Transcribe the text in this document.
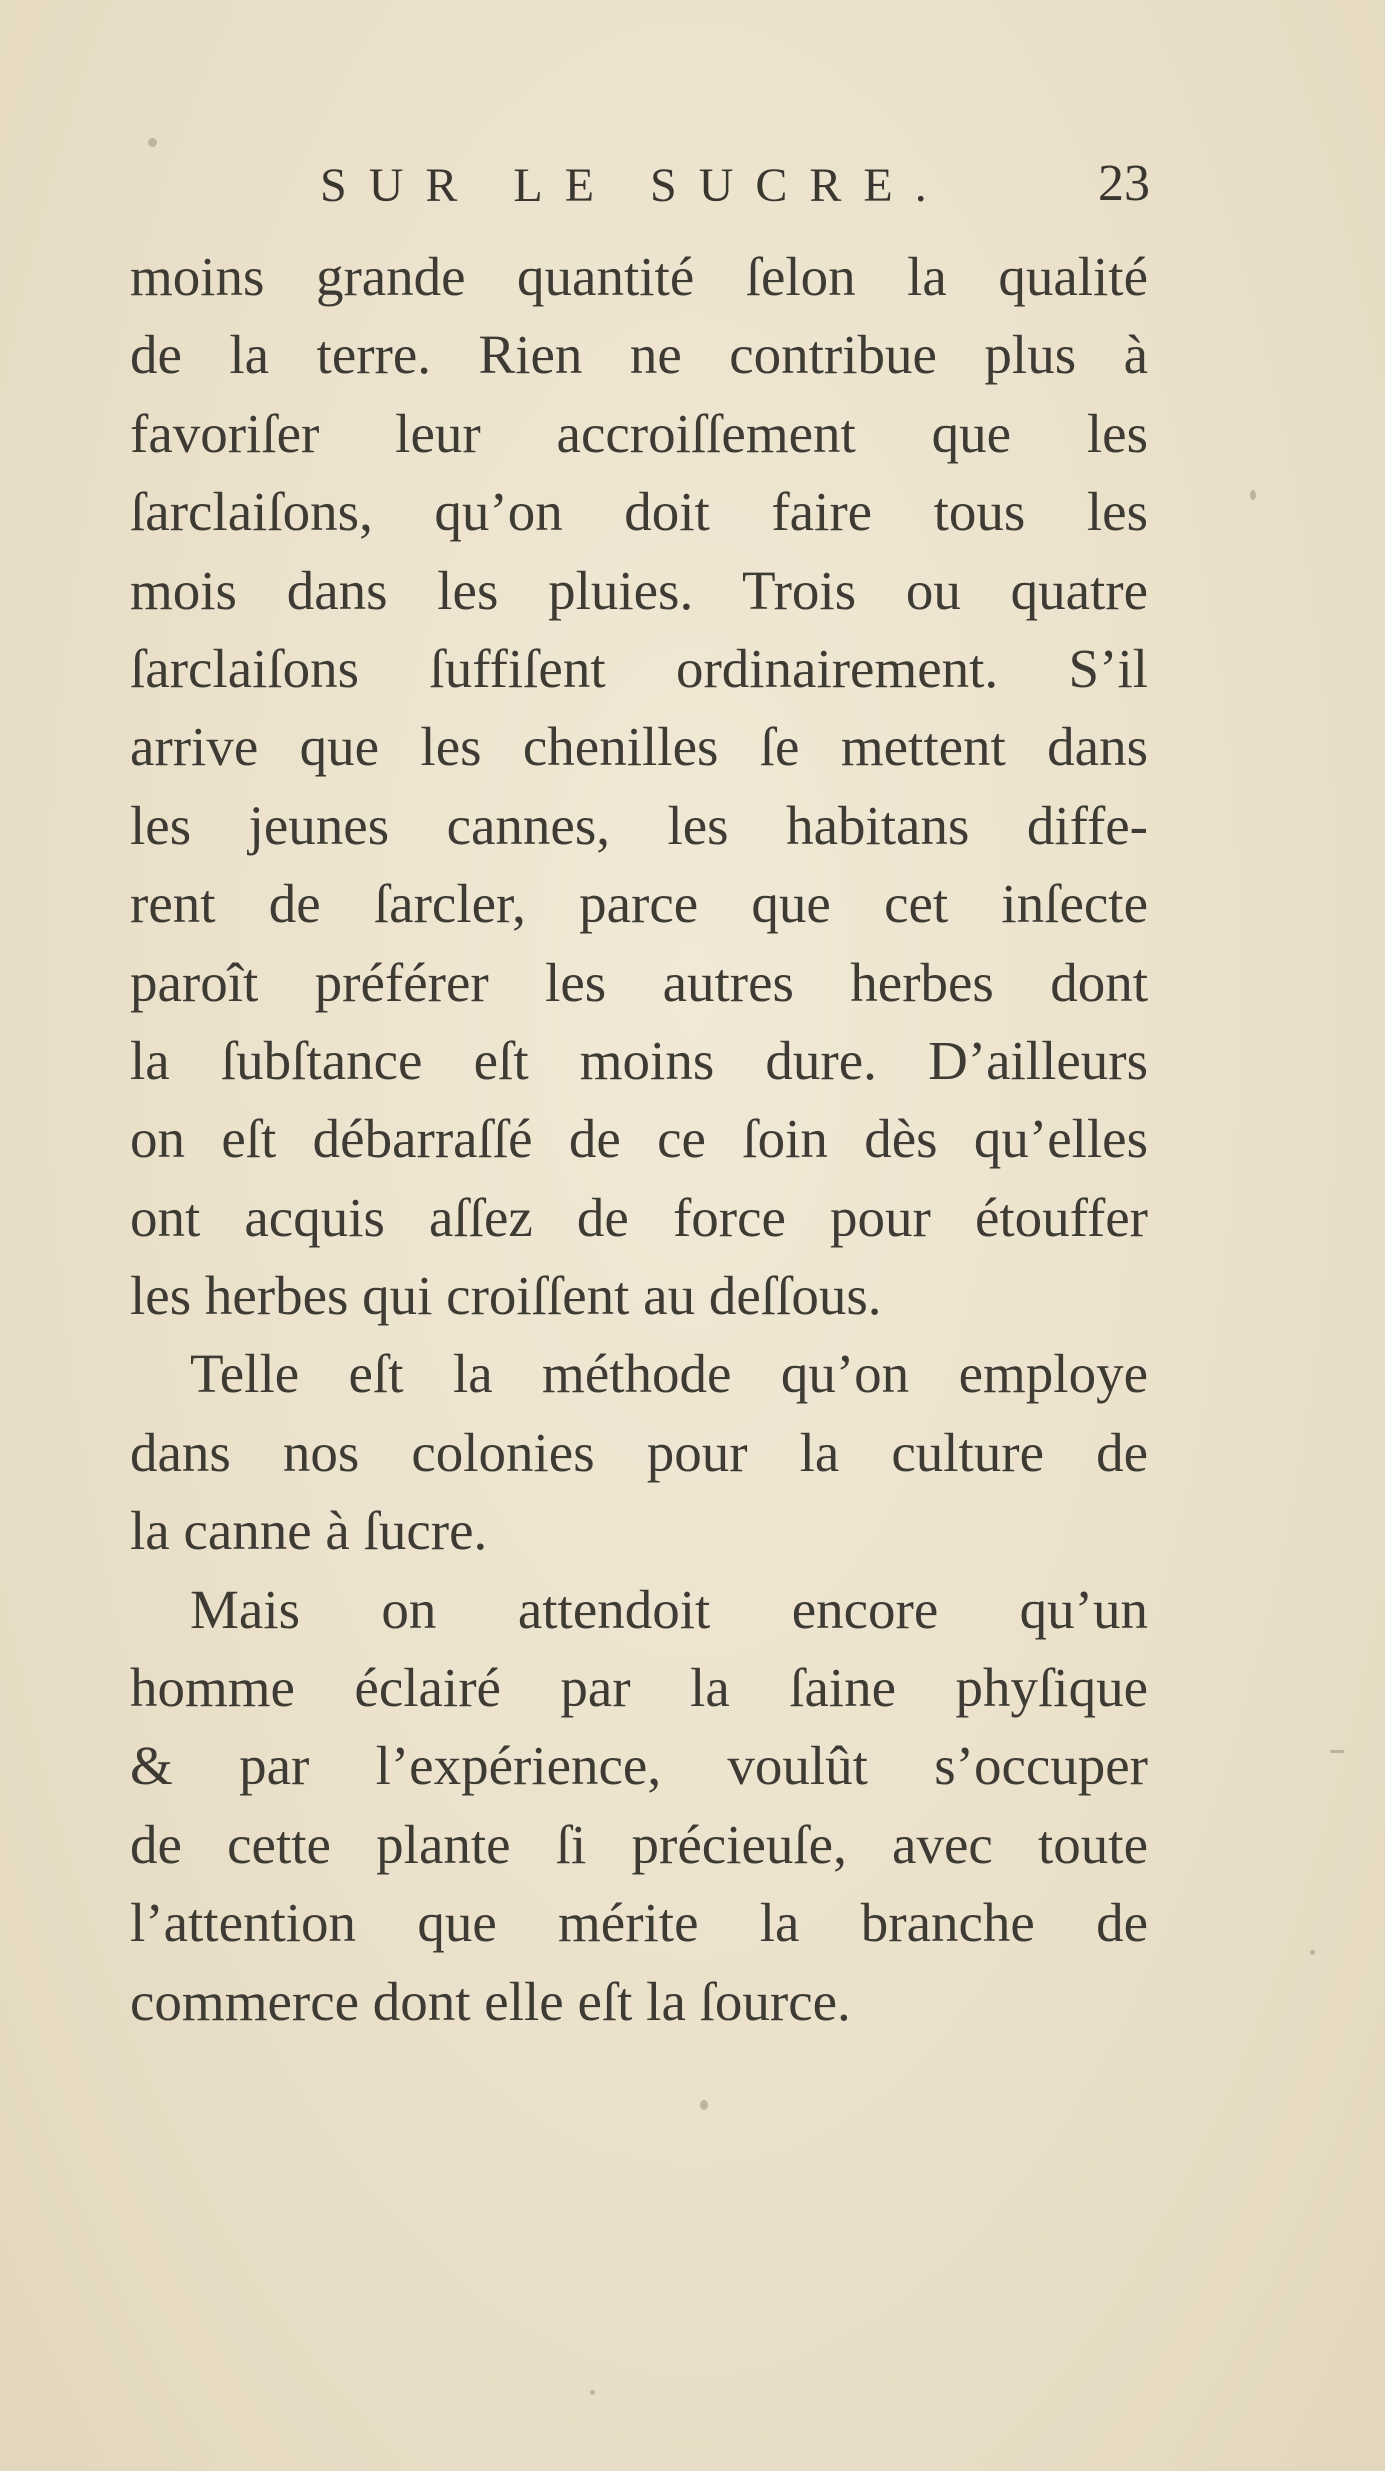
SUR LE SUCRE.	23
moins grande quantité ſelon la qualité
de la terre. Rien ne contribue plus à
favoriſer leur accroiſſement que les
ſarclaiſons, qu’on doit faire tous les
mois dans les pluies. Trois ou quatre
ſarclaiſons ſuffiſent ordinairement. S’il
arrive que les chenilles ſe mettent dans
les jeunes cannes, les habitans diffe-
rent de ſarcler, parce que cet inſecte
paroît préférer les autres herbes dont
la ſubſtance eſt moins dure. D’ailleurs
on eſt débarraſſé de ce ſoin dès qu’elles
ont acquis aſſez de force pour étouffer
les herbes qui croiſſent au deſſous.
Telle eſt la méthode qu’on employe
dans nos colonies pour la culture de
la canne à ſucre.
Mais on attendoit encore qu’un
homme éclairé par la ſaine phyſique
& par l’expérience, voulût s’occuper
de cette plante ſi précieuſe, avec toute
l’attention que mérite la branche de
commerce dont elle eſt la ſource.
